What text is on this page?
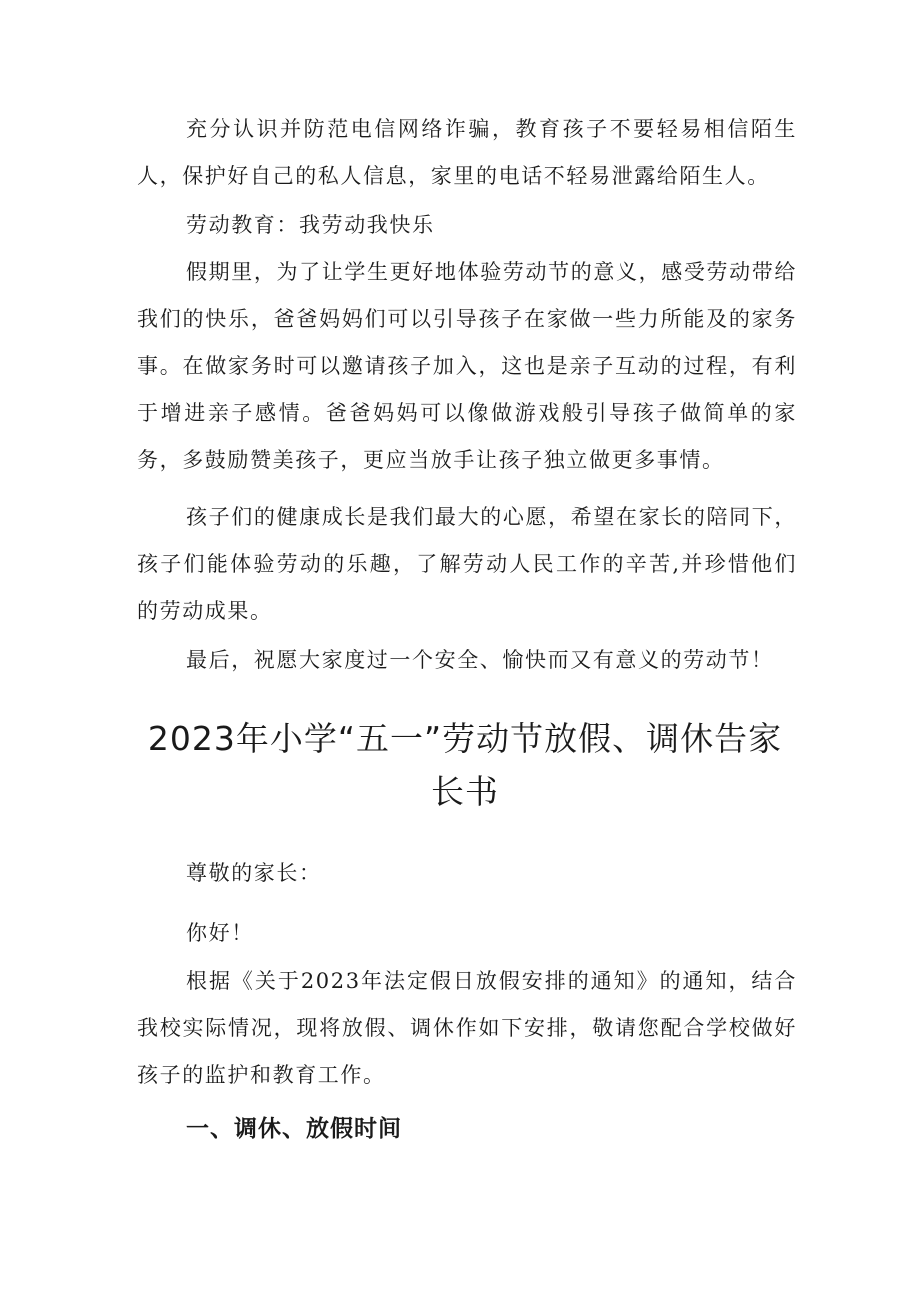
充分认识并防范电信网络诈骗，教育孩子不要轻易相信陌生人，保护好自己的私人信息，家里的电话不轻易泄露给陌生人。

劳动教育：我劳动我快乐

假期里，为了让学生更好地体验劳动节的意义，感受劳动带给我们的快乐，爸爸妈妈们可以引导孩子在家做一些力所能及的家务事。在做家务时可以邀请孩子加入，这也是亲子互动的过程，有利于增进亲子感情。爸爸妈妈可以像做游戏般引导孩子做简单的家务，多鼓励赞美孩子，更应当放手让孩子独立做更多事情。

孩子们的健康成长是我们最大的心愿，希望在家长的陪同下，孩子们能体验劳动的乐趣，了解劳动人民工作的辛苦,并珍惜他们的劳动成果。

最后，祝愿大家度过一个安全、愉快而又有意义的劳动节！

2023年小学“五一”劳动节放假、调休告家
长书

尊敬的家长：

你好！

根据《关于2023年法定假日放假安排的通知》的通知，结合我校实际情况，现将放假、调休作如下安排，敬请您配合学校做好孩子的监护和教育工作。

一、调休、放假时间
